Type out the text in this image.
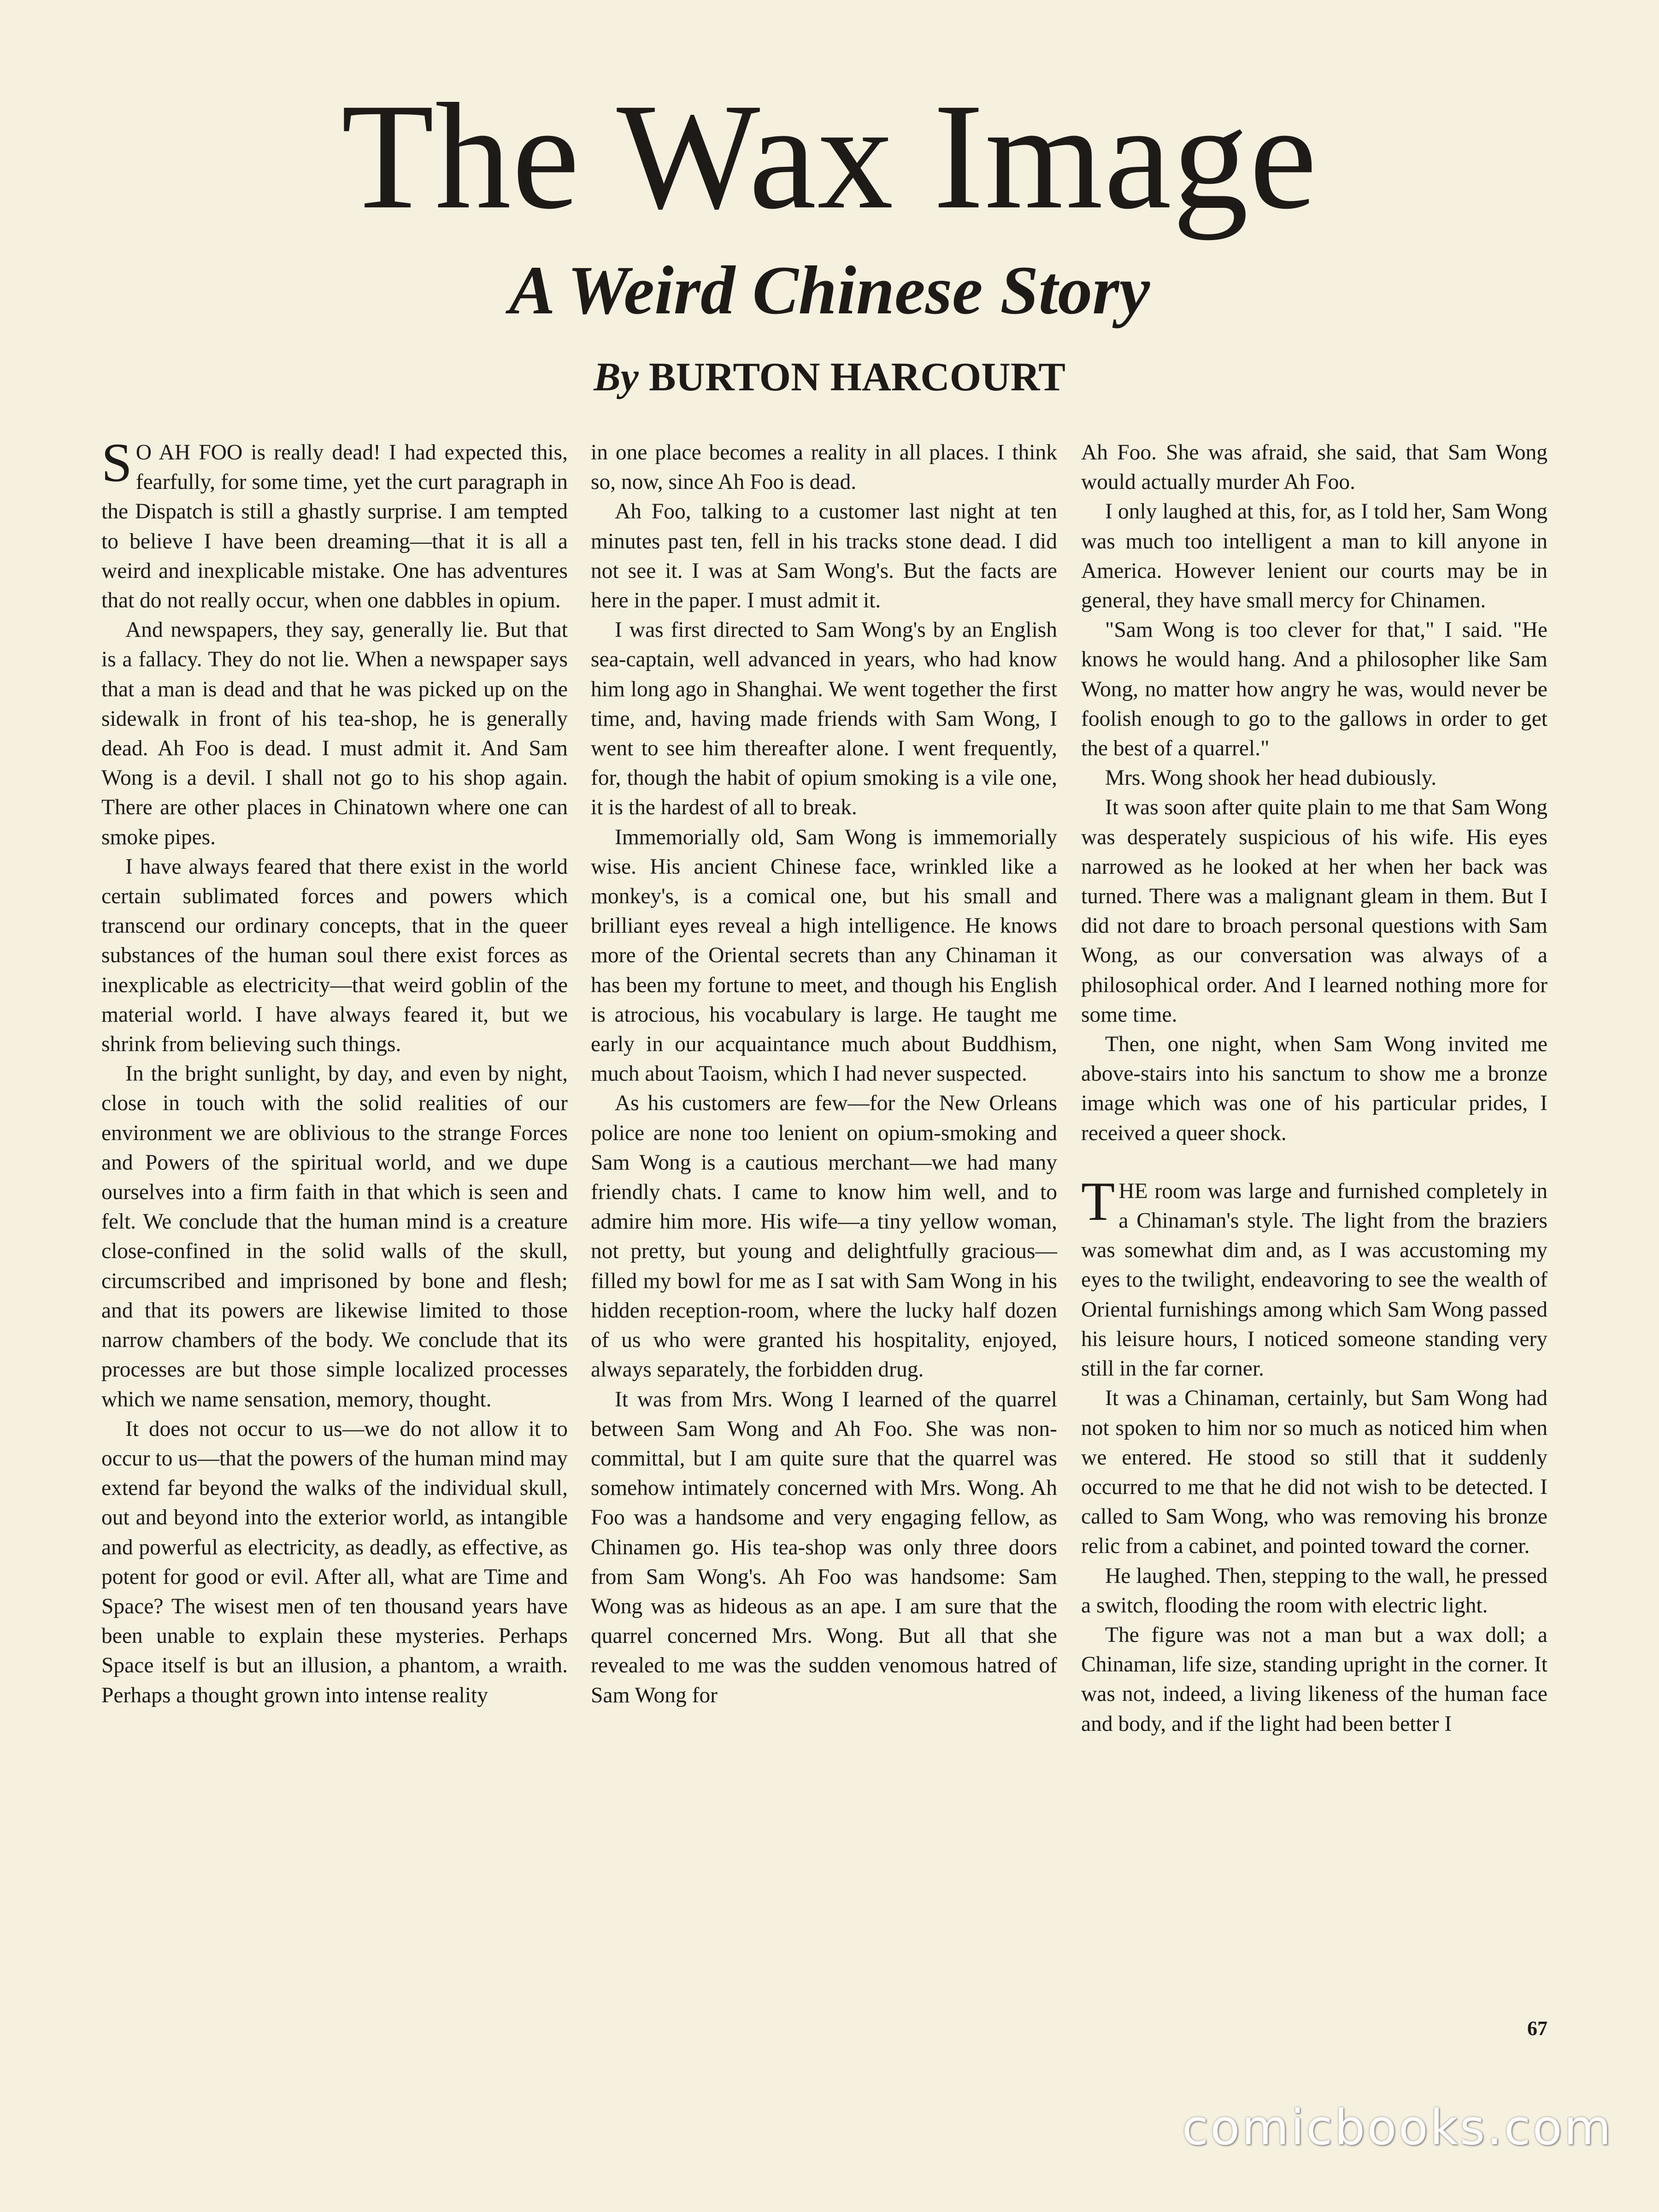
The Wax Image
A Weird Chinese Story
By BURTON HARCOURT

S O AH FOO is really dead! I had expected this, fearfully, for some time, yet the curt paragraph in the Dispatch is still a ghastly surprise. I am tempted to believe I have been dreaming—that it is all a weird and inexplicable mistake. One has adventures that do not really occur, when one dabbles in opium.

And newspapers, they say, generally lie. But that is a fallacy. They do not lie. When a newspaper says that a man is dead and that he was picked up on the sidewalk in front of his tea-shop, he is generally dead. Ah Foo is dead. I must admit it. And Sam Wong is a devil. I shall not go to his shop again. There are other places in Chinatown where one can smoke pipes.

I have always feared that there exist in the world certain sublimated forces and powers which transcend our ordinary concepts, that in the queer substances of the human soul there exist forces as inexplicable as electricity—that weird goblin of the material world. I have always feared it, but we shrink from believing such things.

In the bright sunlight, by day, and even by night, close in touch with the solid realities of our environment we are oblivious to the strange Forces and Powers of the spiritual world, and we dupe ourselves into a firm faith in that which is seen and felt. We conclude that the human mind is a creature close-confined in the solid walls of the skull, circumscribed and imprisoned by bone and flesh; and that its powers are likewise limited to those narrow chambers of the body. We conclude that its processes are but those simple localized processes which we name sensation, memory, thought.

It does not occur to us—we do not allow it to occur to us—that the powers of the human mind may extend far beyond the walks of the individual skull, out and beyond into the exterior world, as intangible and powerful as electricity, as deadly, as effective, as potent for good or evil. After all, what are Time and Space? The wisest men of ten thousand years have been unable to explain these mysteries. Perhaps Space itself is but an illusion, a phantom, a wraith. Perhaps a thought grown into intense reality

in one place becomes a reality in all places. I think so, now, since Ah Foo is dead.

Ah Foo, talking to a customer last night at ten minutes past ten, fell in his tracks stone dead. I did not see it. I was at Sam Wong's. But the facts are here in the paper. I must admit it.

I was first directed to Sam Wong's by an English sea-captain, well advanced in years, who had know him long ago in Shanghai. We went together the first time, and, having made friends with Sam Wong, I went to see him thereafter alone. I went frequently, for, though the habit of opium smoking is a vile one, it is the hardest of all to break.

Immemorially old, Sam Wong is immemorially wise. His ancient Chinese face, wrinkled like a monkey's, is a comical one, but his small and brilliant eyes reveal a high intelligence. He knows more of the Oriental secrets than any Chinaman it has been my fortune to meet, and though his English is atrocious, his vocabulary is large. He taught me early in our acquaintance much about Buddhism, much about Taoism, which I had never suspected.

As his customers are few—for the New Orleans police are none too lenient on opium-smoking and Sam Wong is a cautious merchant—we had many friendly chats. I came to know him well, and to admire him more. His wife—a tiny yellow woman, not pretty, but young and delightfully gracious—filled my bowl for me as I sat with Sam Wong in his hidden reception-room, where the lucky half dozen of us who were granted his hospitality, enjoyed, always separately, the forbidden drug.

It was from Mrs. Wong I learned of the quarrel between Sam Wong and Ah Foo. She was non-committal, but I am quite sure that the quarrel was somehow intimately concerned with Mrs. Wong. Ah Foo was a handsome and very engaging fellow, as Chinamen go. His tea-shop was only three doors from Sam Wong's. Ah Foo was handsome: Sam Wong was as hideous as an ape. I am sure that the quarrel concerned Mrs. Wong. But all that she revealed to me was the sudden venomous hatred of Sam Wong for

Ah Foo. She was afraid, she said, that Sam Wong would actually murder Ah Foo.

I only laughed at this, for, as I told her, Sam Wong was much too intelligent a man to kill anyone in America. However lenient our courts may be in general, they have small mercy for Chinamen.

"Sam Wong is too clever for that," I said. "He knows he would hang. And a philosopher like Sam Wong, no matter how angry he was, would never be foolish enough to go to the gallows in order to get the best of a quarrel."

Mrs. Wong shook her head dubiously.

It was soon after quite plain to me that Sam Wong was desperately suspicious of his wife. His eyes narrowed as he looked at her when her back was turned. There was a malignant gleam in them. But I did not dare to broach personal questions with Sam Wong, as our conversation was always of a philosophical order. And I learned nothing more for some time.

Then, one night, when Sam Wong invited me above-stairs into his sanctum to show me a bronze image which was one of his particular prides, I received a queer shock.

THE room was large and furnished completely in a Chinaman's style. The light from the braziers was somewhat dim and, as I was accustoming my eyes to the twilight, endeavoring to see the wealth of Oriental furnishings among which Sam Wong passed his leisure hours, I noticed someone standing very still in the far corner.

It was a Chinaman, certainly, but Sam Wong had not spoken to him nor so much as noticed him when we entered. He stood so still that it suddenly occurred to me that he did not wish to be detected. I called to Sam Wong, who was removing his bronze relic from a cabinet, and pointed toward the corner.

He laughed. Then, stepping to the wall, he pressed a switch, flooding the room with electric light.

The figure was not a man but a wax doll; a Chinaman, life size, standing upright in the corner. It was not, indeed, a living likeness of the human face and body, and if the light had been better I

67
comicbooks.com
